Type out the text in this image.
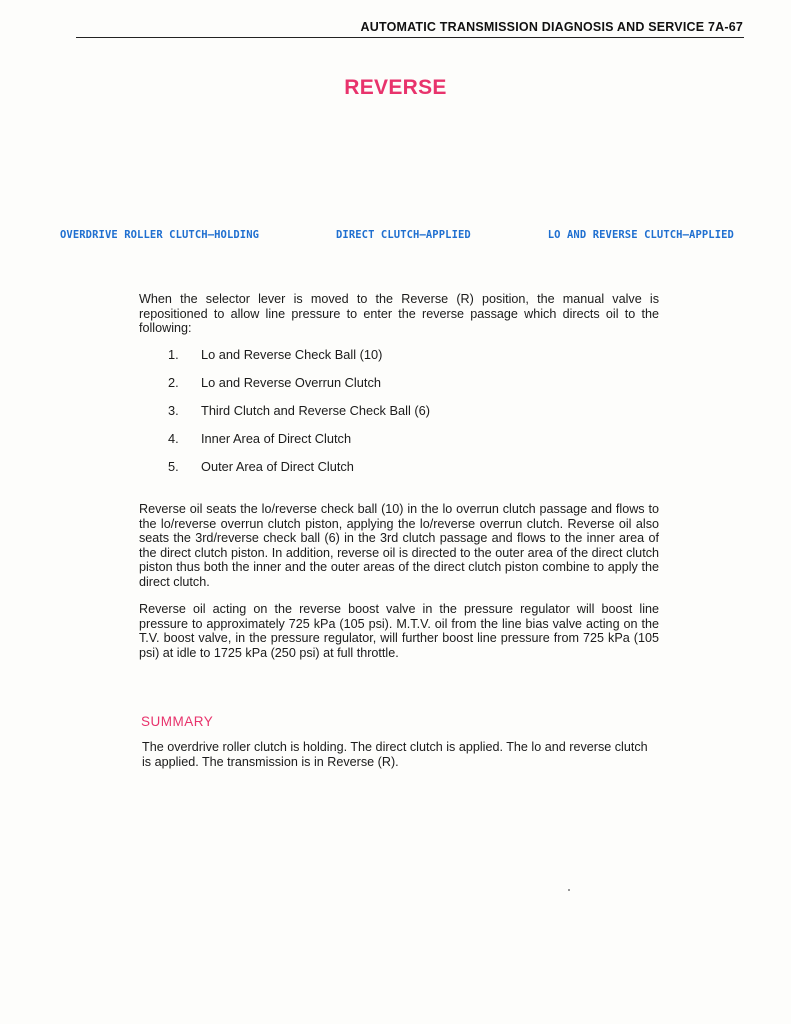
AUTOMATIC TRANSMISSION DIAGNOSIS AND SERVICE 7A-67
REVERSE
OVERDRIVE ROLLER CLUTCH—HOLDING	DIRECT CLUTCH—APPLIED	LO AND REVERSE CLUTCH—APPLIED

When the selector lever is moved to the Reverse (R) position, the manual valve is repositioned to allow line pressure to enter the reverse passage which directs oil to the following:

1.	Lo and Reverse Check Ball (10)
2.	Lo and Reverse Overrun Clutch
3.	Third Clutch and Reverse Check Ball (6)
4.	Inner Area of Direct Clutch
5.	Outer Area of Direct Clutch

Reverse oil seats the lo/reverse check ball (10) in the lo overrun clutch passage and flows to the lo/reverse overrun clutch piston, applying the lo/reverse overrun clutch. Reverse oil also seats the 3rd/reverse check ball (6) in the 3rd clutch passage and flows to the inner area of the direct clutch piston. In addition, reverse oil is directed to the outer area of the direct clutch piston thus both the inner and the outer areas of the direct clutch piston combine to apply the direct clutch.

Reverse oil acting on the reverse boost valve in the pressure regulator will boost line pressure to approximately 725 kPa (105 psi). M.T.V. oil from the line bias valve acting on the T.V. boost valve, in the pressure regulator, will further boost line pressure from 725 kPa (105 psi) at idle to 1725 kPa (250 psi) at full throttle.

SUMMARY

The overdrive roller clutch is holding. The direct clutch is applied. The lo and reverse clutch is applied. The transmission is in Reverse (R).
